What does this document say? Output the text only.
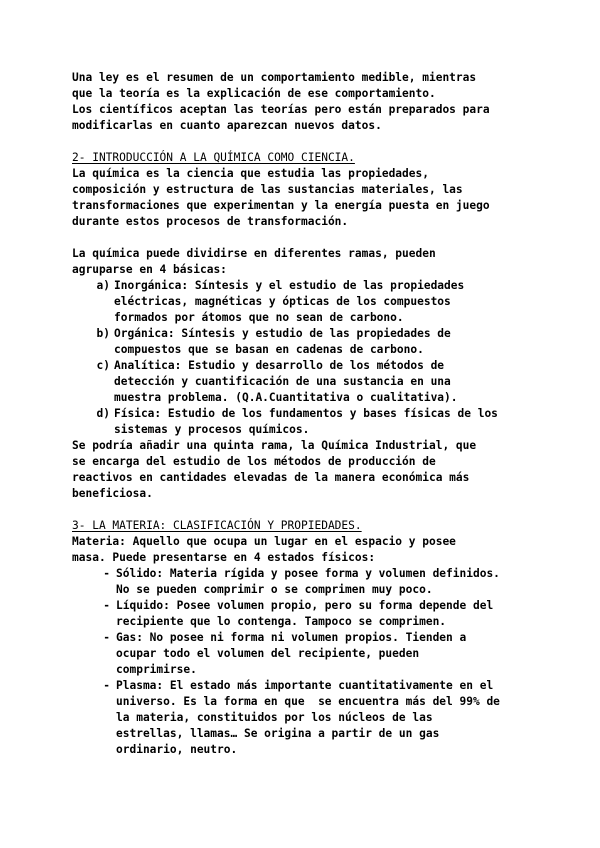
Una ley es el resumen de un comportamiento medible, mientras
que la teoría es la explicación de ese comportamiento.
Los científicos aceptan las teorías pero están preparados para
modificarlas en cuanto aparezcan nuevos datos.
2- INTRODUCCIÓN A LA QUÍMICA COMO CIENCIA.
La química es la ciencia que estudia las propiedades,
composición y estructura de las sustancias materiales, las
transformaciones que experimentan y la energía puesta en juego
durante estos procesos de transformación.
La química puede dividirse en diferentes ramas, pueden
agruparse en 4 básicas:
a) Inorgánica: Síntesis y el estudio de las propiedades
eléctricas, magnéticas y ópticas de los compuestos
formados por átomos que no sean de carbono.
b) Orgánica: Síntesis y estudio de las propiedades de
compuestos que se basan en cadenas de carbono.
c) Analítica: Estudio y desarrollo de los métodos de
detección y cuantificación de una sustancia en una
muestra problema. (Q.A.Cuantitativa o cualitativa).
d) Física: Estudio de los fundamentos y bases físicas de los
sistemas y procesos químicos.
Se podría añadir una quinta rama, la Química Industrial, que
se encarga del estudio de los métodos de producción de
reactivos en cantidades elevadas de la manera económica más
beneficiosa.
3- LA MATERIA: CLASIFICACIÓN Y PROPIEDADES.
Materia: Aquello que ocupa un lugar en el espacio y posee
masa. Puede presentarse en 4 estados físicos:
- Sólido: Materia rígida y posee forma y volumen definidos.
No se pueden comprimir o se comprimen muy poco.
- Líquido: Posee volumen propio, pero su forma depende del
recipiente que lo contenga. Tampoco se comprimen.
- Gas: No posee ni forma ni volumen propios. Tienden a
ocupar todo el volumen del recipiente, pueden
comprimirse.
- Plasma: El estado más importante cuantitativamente en el
universo. Es la forma en que  se encuentra más del 99% de
la materia, constituidos por los núcleos de las
estrellas, llamas… Se origina a partir de un gas
ordinario, neutro.
